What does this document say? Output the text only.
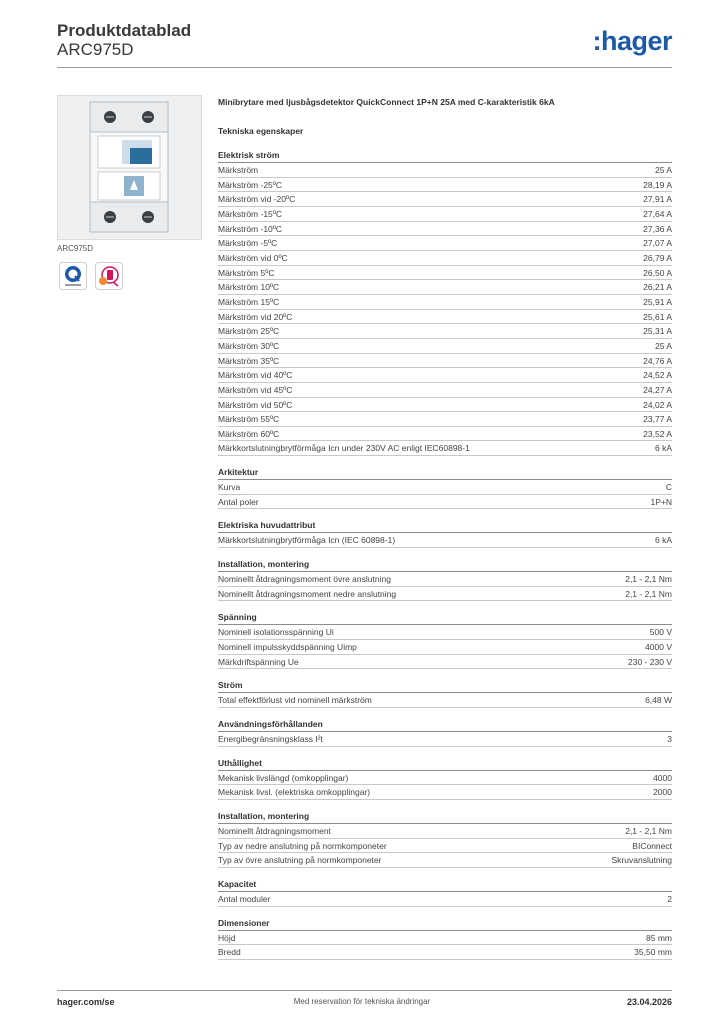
Produktdatablad
ARC975D	:hager
ARC975D
Minibrytare med ljusbågsdetektor QuickConnect 1P+N 25A med C-karakteristik 6kA
Tekniska egenskaper
Elektrisk ström
Märkström	25 A
Märkström -25ºC	28,19 A
Märkström vid -20ºC	27,91 A
Märkström -15ºC	27,64 A
Märkström -10ºC	27,36 A
Märkström -5ºC	27,07 A
Märkström vid 0ºC	26,79 A
Märkström 5ºC	26,50 A
Märkström 10ºC	26,21 A
Märkström 15ºC	25,91 A
Märkström vid 20ºC	25,61 A
Märkström 25ºC	25,31 A
Märkström 30ºC	25 A
Märkström 35ºC	24,76 A
Märkström vid 40ºC	24,52 A
Märkström vid 45ºC	24,27 A
Märkström vid 50ºC	24,02 A
Märkström 55ºC	23,77 A
Märkström 60ºC	23,52 A
Märkkortslutningbrytförmåga Icn under 230V AC enligt IEC60898-1	6 kA
Arkitektur
Kurva	C
Antal poler	1P+N
Elektriska huvudattribut
Märkkortslutningbrytförmåga Icn (IEC 60898-1)	6 kA
Installation, montering
Nominellt åtdragningsmoment övre anslutning	2,1 - 2,1 Nm
Nominellt åtdragningsmoment nedre anslutning	2,1 - 2,1 Nm
Spänning
Nominell isolationsspänning Ui	500 V
Nominell impulsskyddspänning Uimp	4000 V
Märkdriftspänning Ue	230 - 230 V
Ström
Total effektförlust vid nominell märkström	6,48 W
Användningsförhållanden
Energibegränsningsklass I²t	3
Uthållighet
Mekanisk livslängd (omkopplingar)	4000
Mekanisk livsl. (elektriska omkopplingar)	2000
Installation, montering
Nominellt åtdragningsmoment	2,1 - 2,1 Nm
Typ av nedre anslutning på normkomponeter	BIConnect
Typ av övre anslutning på normkomponeter	Skruvanslutning
Kapacitet
Antal moduler	2
Dimensioner
Höjd	85 mm
Bredd	35,50 mm
hager.com/se	Med reservation för tekniska ändringar	23.04.2026
